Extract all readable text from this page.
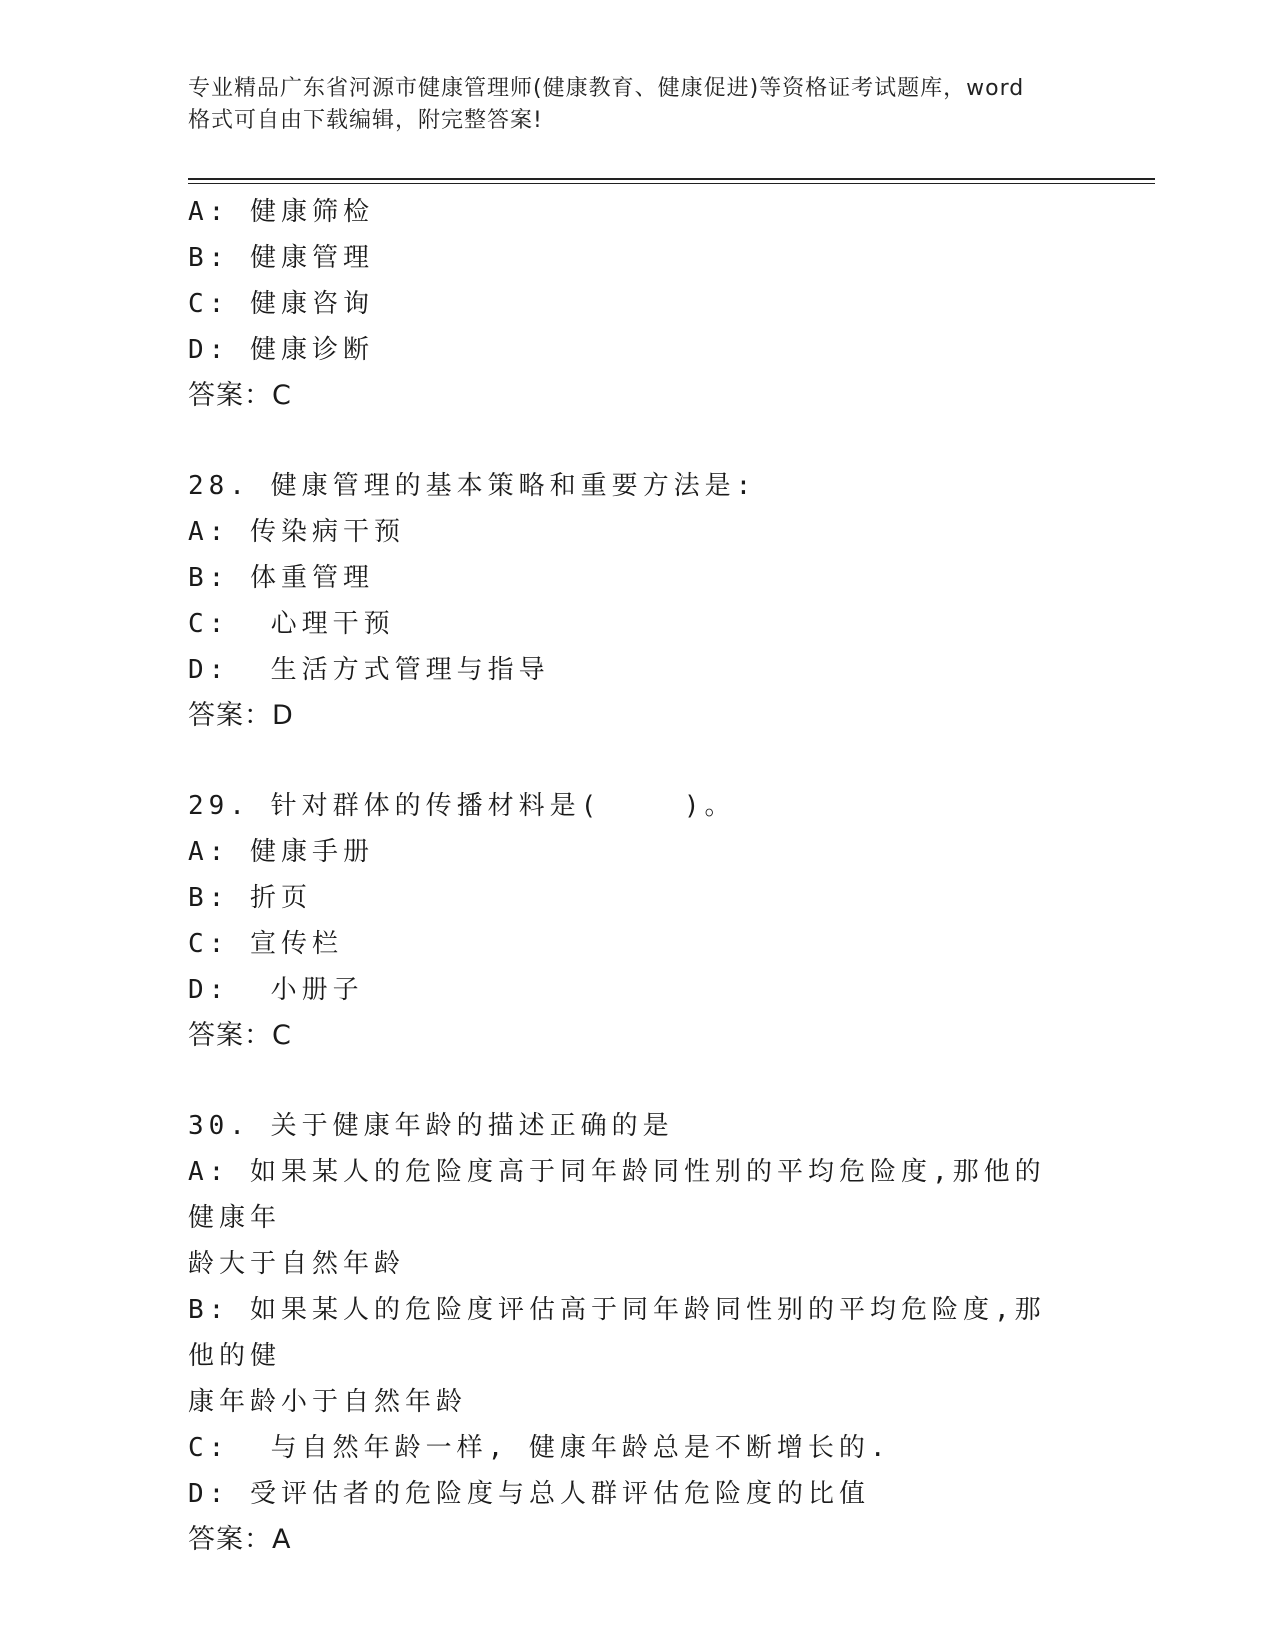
专业精品广东省河源市健康管理师(健康教育、健康促进)等资格证考试题库，word
格式可自由下载编辑，附完整答案!

A: 健康筛检

B: 健康管理

C: 健康咨询

D: 健康诊断

答案：C

28. 健康管理的基本策略和重要方法是:

A: 传染病干预

B: 体重管理

C:  心理干预

D:  生活方式管理与指导

答案：D

29. 针对群体的传播材料是(    )。

A: 健康手册

B: 折页

C: 宣传栏

D:  小册子

答案：C

30. 关于健康年龄的描述正确的是

A: 如果某人的危险度高于同年龄同性别的平均危险度,那他的健康年
龄大于自然年龄

B: 如果某人的危险度评估高于同年龄同性别的平均危险度,那他的健
康年龄小于自然年龄

C:  与自然年龄一样, 健康年龄总是不断增长的.

D: 受评估者的危险度与总人群评估危险度的比值

答案：A
